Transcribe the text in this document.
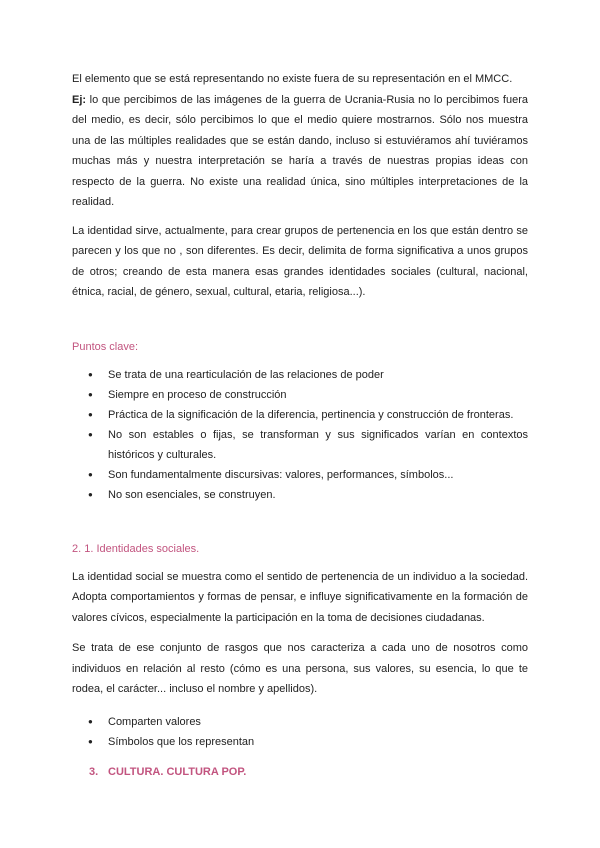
El elemento que se está representando no existe fuera de su representación en el MMCC.
Ej: lo que percibimos de las imágenes de la guerra de Ucrania-Rusia no lo percibimos fuera del medio, es decir, sólo percibimos lo que el medio quiere mostrarnos. Sólo nos muestra una de las múltiples realidades que se están dando, incluso si estuviéramos ahí tuviéramos muchas más y nuestra interpretación se haría a través de nuestras propias ideas con respecto de la guerra. No existe una realidad única, sino múltiples interpretaciones de la realidad.

La identidad sirve, actualmente, para crear grupos de pertenencia en los que están dentro se parecen y los que no , son diferentes. Es decir, delimita de forma significativa a unos grupos de otros; creando de esta manera esas grandes identidades sociales (cultural, nacional, étnica, racial, de género, sexual, cultural, etaria, religiosa...).

Puntos clave:
● Se trata de una rearticulación de las relaciones de poder
● Siempre en proceso de construcción
● Práctica de la significación de la diferencia, pertinencia y construcción de fronteras.
● No son estables o fijas, se transforman y sus significados varían en contextos históricos y culturales.
● Son fundamentalmente discursivas: valores, performances, símbolos...
● No son esenciales, se construyen.
2. 1. Identidades sociales.

La identidad social se muestra como el sentido de pertenencia de un individuo a la sociedad. Adopta comportamientos y formas de pensar, e influye significativamente en la formación de valores cívicos, especialmente la participación en la toma de decisiones ciudadanas.

Se trata de ese conjunto de rasgos que nos caracteriza a cada uno de nosotros como individuos en relación al resto (cómo es una persona, sus valores, su esencia, lo que te rodea, el carácter... incluso el nombre y apellidos).

● Comparten valores
● Símbolos que los representan
3. CULTURA. CULTURA POP.
